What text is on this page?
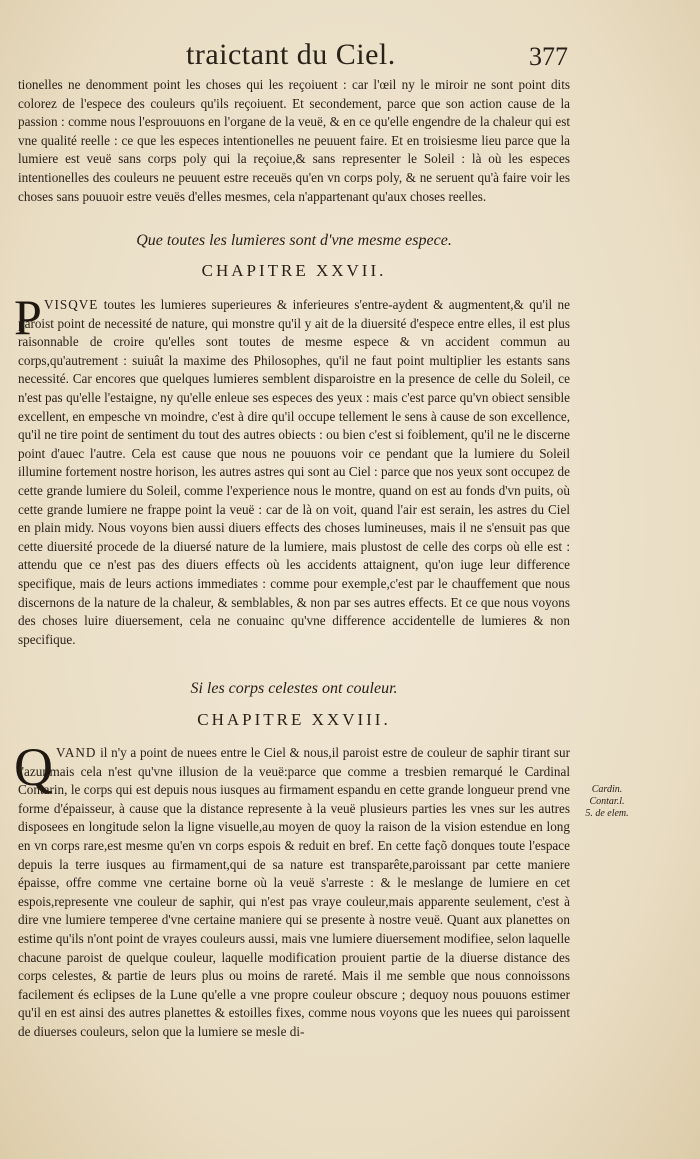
traictant du Ciel.	377

tionelles ne denomment point les choses qui les reçoiuent : car l'œil ny le miroir ne sont point dits colorez de l'espece des couleurs qu'ils reçoiuent. Et secondement, parce que son action cause de la passion : comme nous l'esprouuons en l'organe de la veuë, & en ce qu'elle engendre de la chaleur qui est vne qualité reelle : ce que les especes intentionelles ne peuuent faire. Et en troisiesme lieu parce que la lumiere est veuë sans corps poly qui la reçoiue,& sans representer le Soleil : là où les especes intentionelles des couleurs ne peuuent estre receuës qu'en vn corps poly, & ne seruent qu'à faire voir les choses sans pouuoir estre veuës d'elles mesmes, cela n'appartenant qu'aux choses reelles.

Que toutes les lumieres sont d'vne mesme espece.
CHAPITRE XXVII.
P VISQVE toutes les lumieres superieures & inferieures s'entre-aydent & augmentent,& qu'il ne paroist point de necessité de nature, qui monstre qu'il y ait de la diuersité d'espece entre elles, il est plus raisonnable de croire qu'elles sont toutes de mesme espece & vn accident commun au corps,qu'autrement : suiuât la maxime des Philosophes, qu'il ne faut point multiplier les estants sans necessité. Car encores que quelques lumieres semblent disparoistre en la presence de celle du Soleil, ce n'est pas qu'elle l'estaigne, ny qu'elle enleue ses especes des yeux : mais c'est parce qu'vn obiect sensible excellent, en empesche vn moindre, c'est à dire qu'il occupe tellement le sens à cause de son excellence, qu'il ne tire point de sentiment du tout des autres obiects : ou bien c'est si foiblement, qu'il ne le discerne point d'auec l'autre. Cela est cause que nous ne pouuons voir ce pendant que la lumiere du Soleil illumine fortement nostre horison, les autres astres qui sont au Ciel : parce que nos yeux sont occupez de cette grande lumiere du Soleil, comme l'experience nous le montre, quand on est au fonds d'vn puits, où cette grande lumiere ne frappe point la veuë : car de là on voit, quand l'air est serain, les astres du Ciel en plain midy. Nous voyons bien aussi diuers effects des choses lumineuses, mais il ne s'ensuit pas que cette diuersité procede de la diuersé nature de la lumiere, mais plustost de celle des corps où elle est : attendu que ce n'est pas des diuers effects où les accidents attaignent, qu'on iuge leur difference specifique, mais de leurs actions immediates : comme pour exemple,c'est par le chauffement que nous discernons de la nature de la chaleur, & semblables, & non par ses autres effects. Et ce que nous voyons des choses luire diuersement, cela ne conuainc qu'vne difference accidentelle de lumieres & non specifique.

Si les corps celestes ont couleur.
CHAPITRE XXVIII.
Q VAND il n'y a point de nuees entre le Ciel & nous,il paroist estre de couleur de saphir tirant sur l'azur,mais cela n'est qu'vne illusion de la veuë:parce que comme a tresbien remarqué le Cardinal Contarin, le corps qui est depuis nous iusques au firmament espandu en cette grande longueur prend vne forme d'épaisseur, à cause que la distance represente à la veuë plusieurs parties les vnes sur les autres disposees en longitude selon la ligne visuelle,au moyen de quoy la raison de la vision estendue en long en vn corps rare,est mesme qu'en vn corps espois & reduit en bref. En cette façõ donques toute l'espace depuis la terre iusques au firmament,qui de sa nature est transparête,paroissant par cette maniere épaisse, offre comme vne certaine borne où la veuë s'arreste : & le meslange de lumiere en cet espois,represente vne couleur de saphir, qui n'est pas vraye couleur,mais apparente seulement, c'est à dire vne lumiere temperee d'vne certaine maniere qui se presente à nostre veuë. Quant aux planettes on estime qu'ils n'ont point de vrayes couleurs aussi, mais vne lumiere diuersement modifiee, selon laquelle chacune paroist de quelque couleur, laquelle modification prouient partie de la diuerse distance des corps celestes, & partie de leurs plus ou moins de rareté. Mais il me semble que nous connoissons facilement és eclipses de la Lune qu'elle a vne propre couleur obscure ; dequoy nous pouuons estimer qu'il en est ainsi des autres planettes & estoilles fixes, comme nous voyons que les nuees qui paroissent de diuerses couleurs, selon que la lumiere se mesle di-

Cardin.
Contar.l.
5. de elem.
